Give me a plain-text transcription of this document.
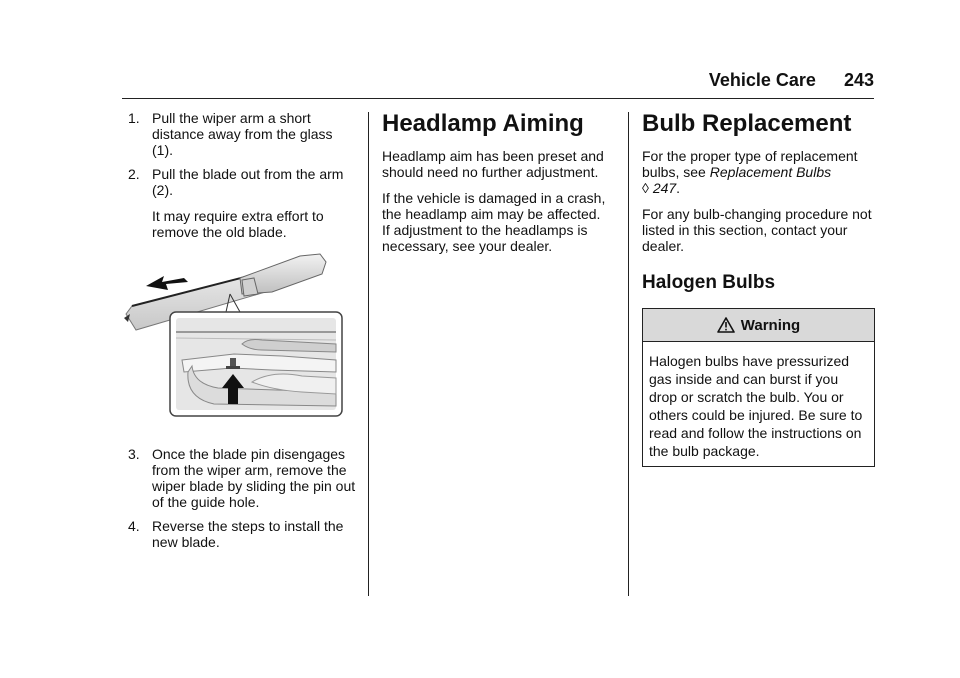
Vehicle Care 243
1. Pull the wiper arm a short distance away from the glass (1).
2. Pull the blade out from the arm (2).
It may require extra effort to remove the old blade.
3. Once the blade pin disengages from the wiper arm, remove the wiper blade by sliding the pin out of the guide hole.
4. Reverse the steps to install the new blade.
Headlamp Aiming

Headlamp aim has been preset and should need no further adjustment.

If the vehicle is damaged in a crash, the headlamp aim may be affected. If adjustment to the headlamps is necessary, see your dealer.

Bulb Replacement

For the proper type of replacement bulbs, see Replacement Bulbs
◊ 247.

For any bulb-changing procedure not listed in this section, contact your dealer.

Halogen Bulbs
Warning
Halogen bulbs have pressurized gas inside and can burst if you drop or scratch the bulb. You or others could be injured. Be sure to read and follow the instructions on the bulb package.
